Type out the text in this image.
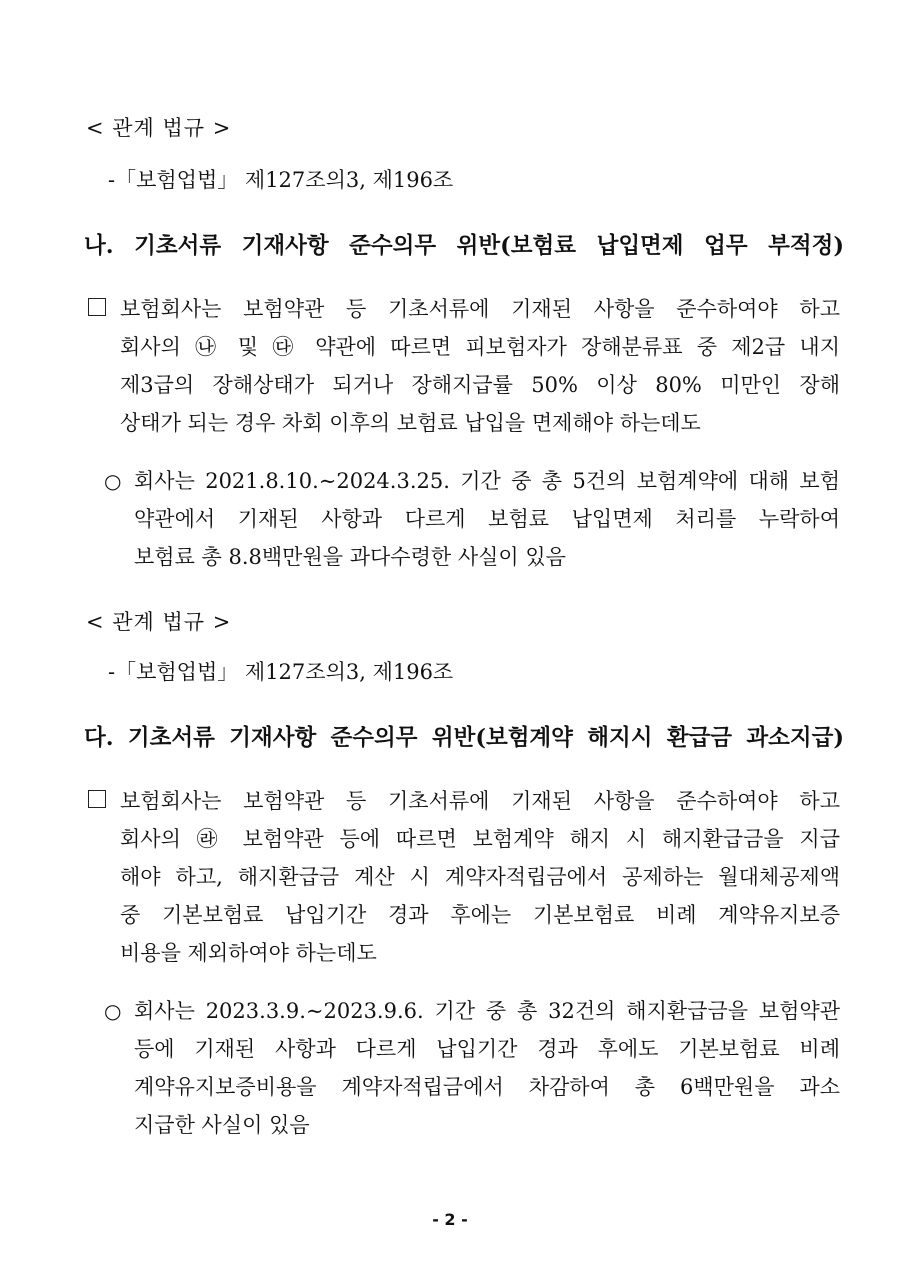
< 관계 법규 >
-「보험업법」 제127조의3, 제196조
나. 기초서류 기재사항 준수의무 위반(보험료 납입면제 업무 부적정)
보험회사는 보험약관 등 기초서류에 기재된 사항을 준수하여야 하고
회사의 ㉯ 및 ㉰ 약관에 따르면 피보험자가 장해분류표 중 제2급 내지
제3급의 장해상태가 되거나 장해지급률 50% 이상 80% 미만인 장해
상태가 되는 경우 차회 이후의 보험료 납입을 면제해야 하는데도
○ 회사는 2021.8.10.∼2024.3.25. 기간 중 총 5건의 보험계약에 대해 보험
약관에서 기재된 사항과 다르게 보험료 납입면제 처리를 누락하여
보험료 총 8.8백만원을 과다수령한 사실이 있음
< 관계 법규 >
-「보험업법」 제127조의3, 제196조
다. 기초서류 기재사항 준수의무 위반(보험계약 해지시 환급금 과소지급)
보험회사는 보험약관 등 기초서류에 기재된 사항을 준수하여야 하고
회사의 ㉱ 보험약관 등에 따르면 보험계약 해지 시 해지환급금을 지급
해야 하고, 해지환급금 계산 시 계약자적립금에서 공제하는 월대체공제액
중 기본보험료 납입기간 경과 후에는 기본보험료 비례 계약유지보증
비용을 제외하여야 하는데도
○ 회사는 2023.3.9.∼2023.9.6. 기간 중 총 32건의 해지환급금을 보험약관
등에 기재된 사항과 다르게 납입기간 경과 후에도 기본보험료 비례
계약유지보증비용을 계약자적립금에서 차감하여 총 6백만원을 과소
지급한 사실이 있음
- 2 -
